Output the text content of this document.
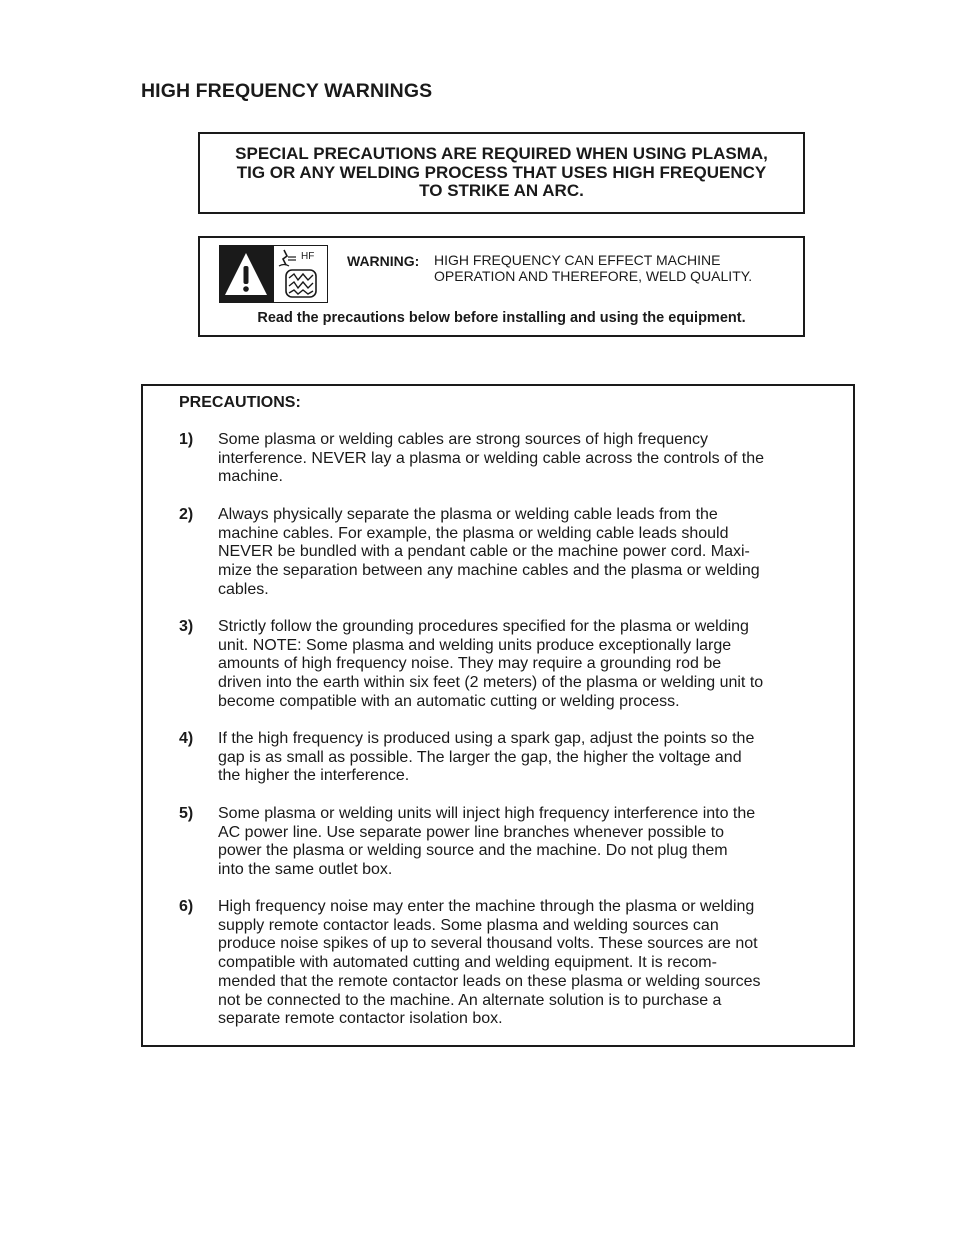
HIGH FREQUENCY WARNINGS
SPECIAL PRECAUTIONS ARE REQUIRED WHEN USING PLASMA,
TIG OR ANY WELDING PROCESS THAT USES HIGH FREQUENCY
TO STRIKE AN ARC.
HF WARNING: HIGH FREQUENCY CAN EFFECT MACHINE
OPERATION AND THEREFORE, WELD QUALITY.
Read the precautions below before installing and using the equipment.
PRECAUTIONS:
1) Some plasma or welding cables are strong sources of high frequency
interference. NEVER lay a plasma or welding cable across the controls of the
machine.
2) Always physically separate the plasma or welding cable leads from the
machine cables. For example, the plasma or welding cable leads should
NEVER be bundled with a pendant cable or the machine power cord. Maxi-
mize the separation between any machine cables and the plasma or welding
cables.
3) Strictly follow the grounding procedures specified for the plasma or welding
unit. NOTE: Some plasma and welding units produce exceptionally large
amounts of high frequency noise. They may require a grounding rod be
driven into the earth within six feet (2 meters) of the plasma or welding unit to
become compatible with an automatic cutting or welding process.
4) If the high frequency is produced using a spark gap, adjust the points so the
gap is as small as possible. The larger the gap, the higher the voltage and
the higher the interference.
5) Some plasma or welding units will inject high frequency interference into the
AC power line. Use separate power line branches whenever possible to
power the plasma or welding source and the machine. Do not plug them
into the same outlet box.
6) High frequency noise may enter the machine through the plasma or welding
supply remote contactor leads. Some plasma and welding sources can
produce noise spikes of up to several thousand volts. These sources are not
compatible with automated cutting and welding equipment. It is recom-
mended that the remote contactor leads on these plasma or welding sources
not be connected to the machine. An alternate solution is to purchase a
separate remote contactor isolation box.
